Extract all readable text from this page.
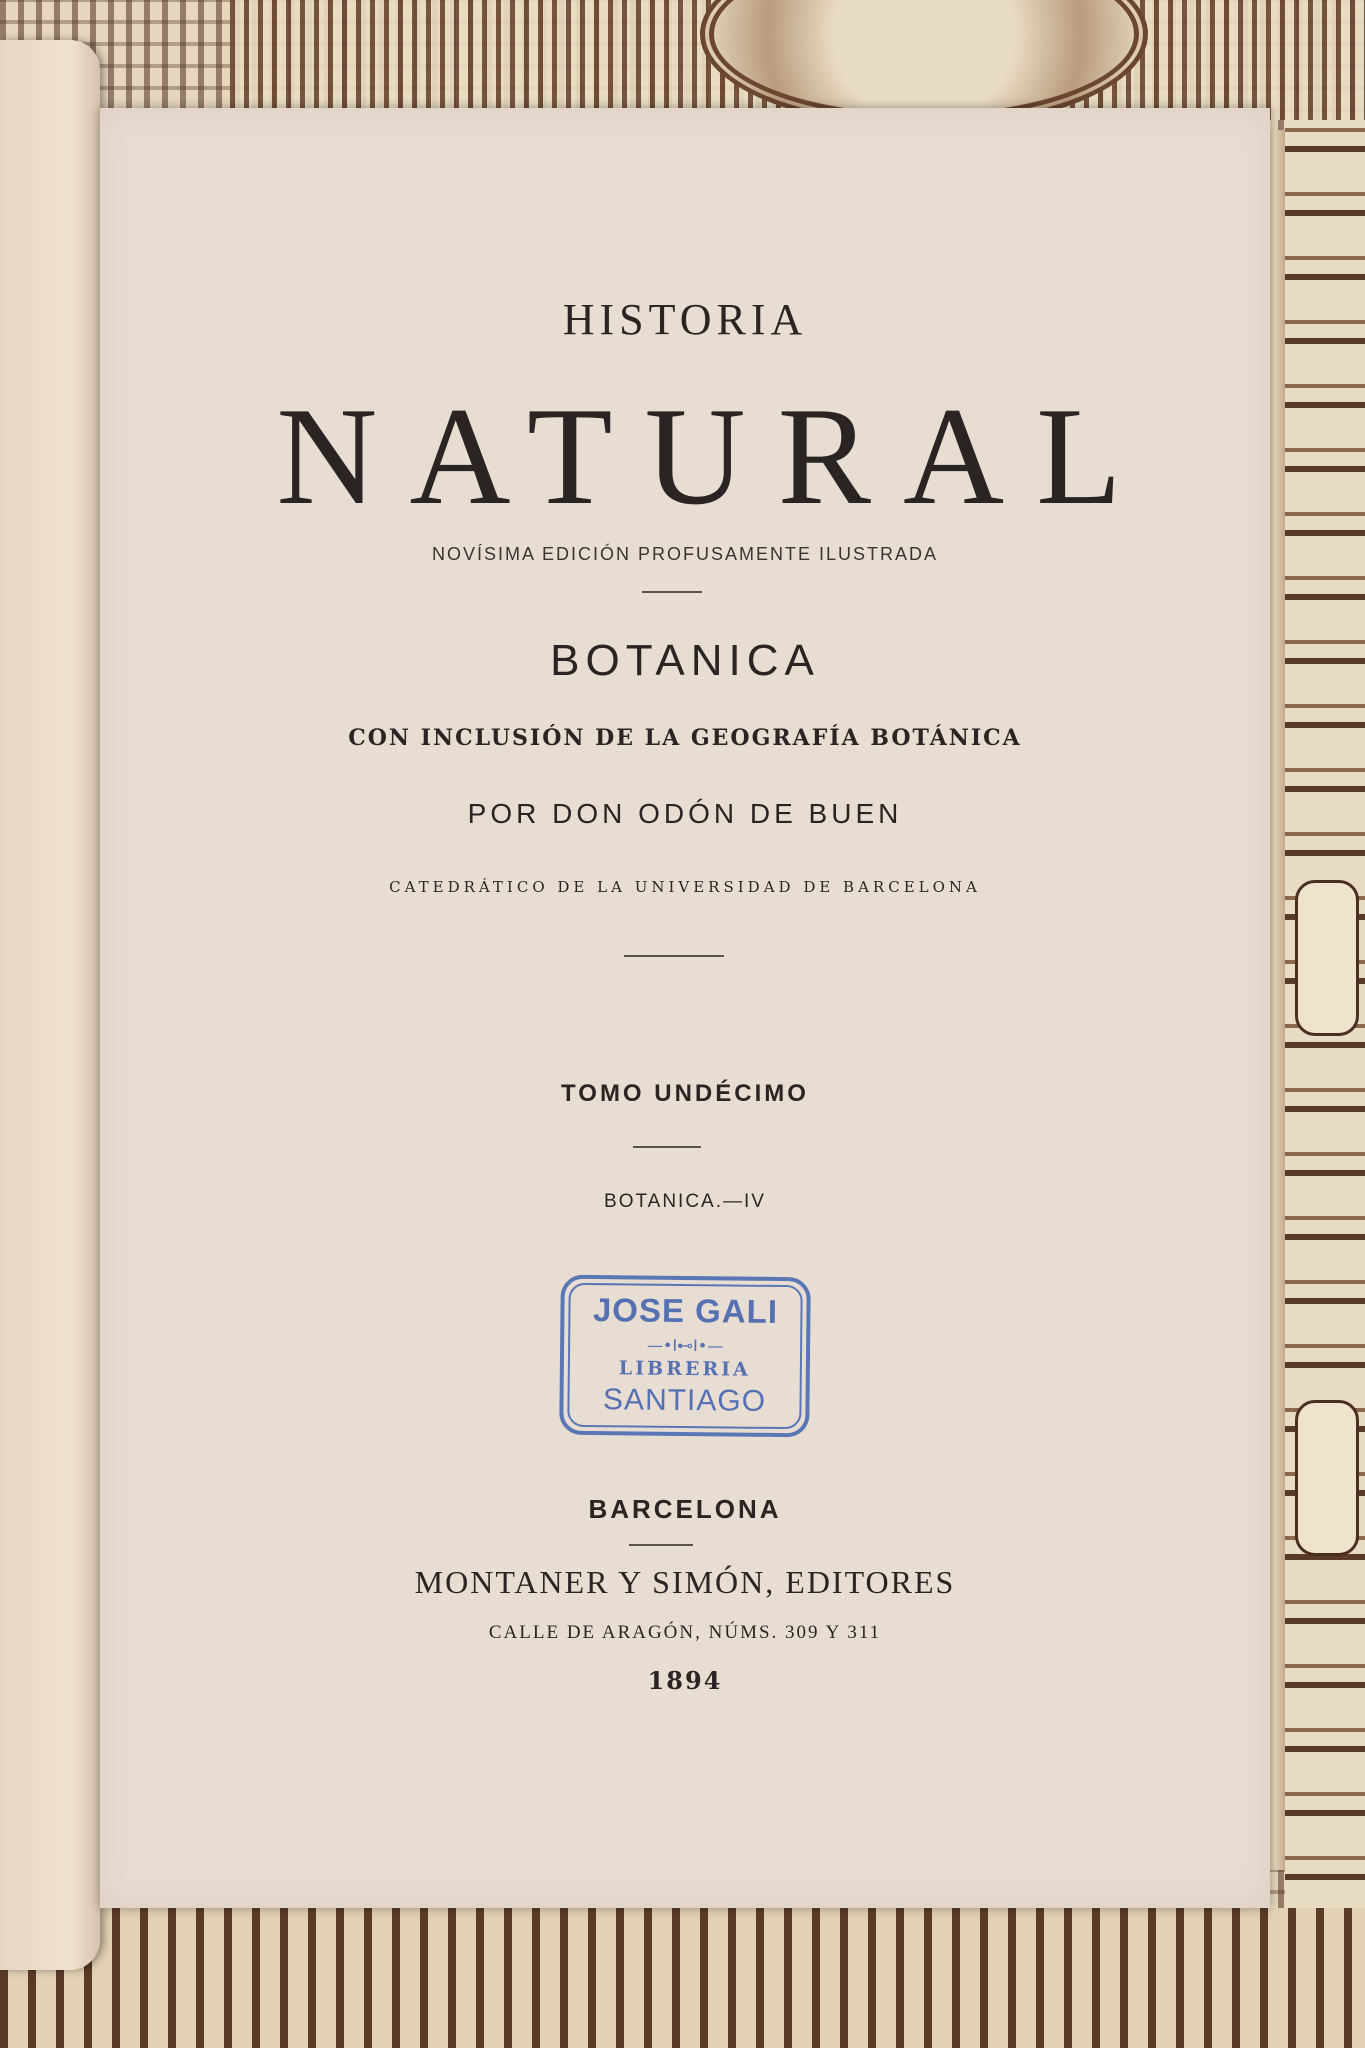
HISTORIA

NATURAL

NOVÍSIMA EDICIÓN PROFUSAMENTE ILUSTRADA

BOTANICA

CON INCLUSIÓN DE LA GEOGRAFÍA BOTÁNICA

POR DON ODÓN DE BUEN

CATEDRÁTICO DE LA UNIVERSIDAD DE BARCELONA

TOMO UNDÉCIMO

BOTANICA.—IV

JOSE GALI
—•I⊷I•—
LIBRERIA
SANTIAGO

BARCELONA

MONTANER Y SIMÓN, EDITORES

CALLE DE ARAGÓN, NÚMS. 309 Y 311

1894
